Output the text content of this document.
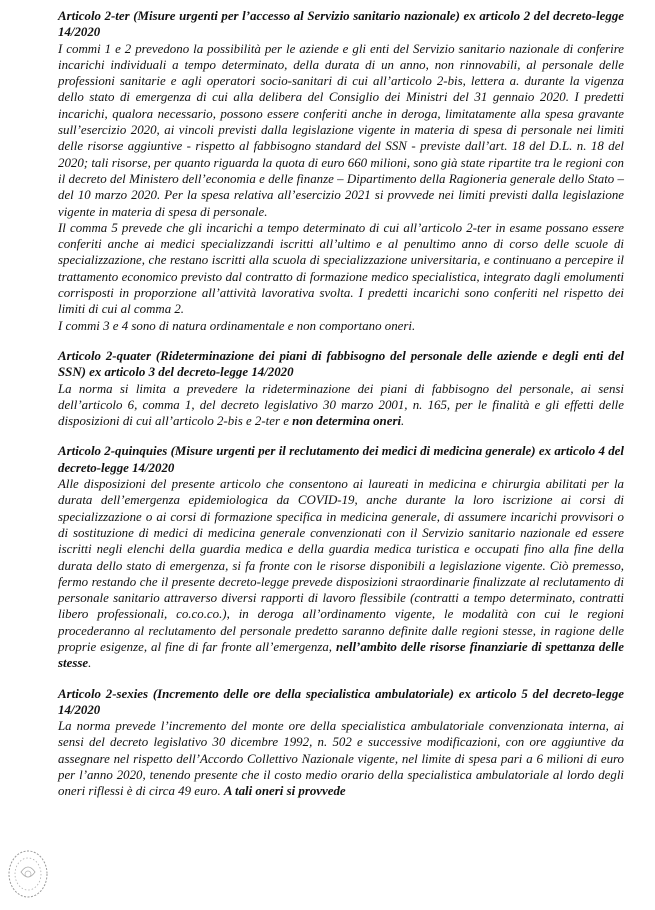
Articolo 2-ter (Misure urgenti per l’accesso al Servizio sanitario nazionale) ex articolo 2 del decreto-legge 14/2020

I commi 1 e 2 prevedono la possibilità per le aziende e gli enti del Servizio sanitario nazionale di conferire incarichi individuali a tempo determinato, della durata di un anno, non rinnovabili, al personale delle professioni sanitarie e agli operatori socio-sanitari di cui all’articolo 2-bis, lettera a. durante la vigenza dello stato di emergenza di cui alla delibera del Consiglio dei Ministri del 31 gennaio 2020. I predetti incarichi, qualora necessario, possono essere conferiti anche in deroga, limitatamente alla spesa gravante sull’esercizio 2020, ai vincoli previsti dalla legislazione vigente in materia di spesa di personale nei limiti delle risorse aggiuntive - rispetto al fabbisogno standard del SSN - previste dall’art. 18 del D.L. n. 18 del 2020; tali risorse, per quanto riguarda la quota di euro 660 milioni, sono già state ripartite tra le regioni con il decreto del Ministero dell’economia e delle finanze – Dipartimento della Ragioneria generale dello Stato – del 10 marzo 2020. Per la spesa relativa all’esercizio 2021 si provvede nei limiti previsti dalla legislazione vigente in materia di spesa di personale.

Il comma 5 prevede che gli incarichi a tempo determinato di cui all’articolo 2-ter in esame possano essere conferiti anche ai medici specializzandi iscritti all’ultimo e al penultimo anno di corso delle scuole di specializzazione, che restano iscritti alla scuola di specializzazione universitaria, e continuano a percepire il trattamento economico previsto dal contratto di formazione medico specialistica, integrato dagli emolumenti corrisposti in proporzione all’attività lavorativa svolta. I predetti incarichi sono conferiti nel rispetto dei limiti di cui al comma 2.

I commi 3 e 4 sono di natura ordinamentale e non comportano oneri.

Articolo 2-quater (Rideterminazione dei piani di fabbisogno del personale delle aziende e degli enti del SSN) ex articolo 3 del decreto-legge 14/2020

La norma si limita a prevedere la rideterminazione dei piani di fabbisogno del personale, ai sensi dell’articolo 6, comma 1, del decreto legislativo 30 marzo 2001, n. 165, per le finalità e gli effetti delle disposizioni di cui all’articolo 2-bis e 2-ter e non determina oneri.

Articolo 2-quinquies (Misure urgenti per il reclutamento dei medici di medicina generale) ex articolo 4 del decreto-legge 14/2020

Alle disposizioni del presente articolo che consentono ai laureati in medicina e chirurgia abilitati per la durata dell’emergenza epidemiologica da COVID-19, anche durante la loro iscrizione ai corsi di specializzazione o ai corsi di formazione specifica in medicina generale, di assumere incarichi provvisori o di sostituzione di medici di medicina generale convenzionati con il Servizio sanitario nazionale ed essere iscritti negli elenchi della guardia medica e della guardia medica turistica e occupati fino alla fine della durata dello stato di emergenza, si fa fronte con le risorse disponibili a legislazione vigente. Ciò premesso, fermo restando che il presente decreto-legge prevede disposizioni straordinarie finalizzate al reclutamento di personale sanitario attraverso diversi rapporti di lavoro flessibile (contratti a tempo determinato, contratti libero professionali, co.co.co.), in deroga all’ordinamento vigente, le modalità con cui le regioni procederanno al reclutamento del personale predetto saranno definite dalle regioni stesse, in ragione delle proprie esigenze, al fine di far fronte all’emergenza, nell’ambito delle risorse finanziarie di spettanza delle stesse.

Articolo 2-sexies (Incremento delle ore della specialistica ambulatoriale) ex articolo 5 del decreto-legge 14/2020

La norma prevede l’incremento del monte ore della specialistica ambulatoriale convenzionata interna, ai sensi del decreto legislativo 30 dicembre 1992, n. 502 e successive modificazioni, con ore aggiuntive da assegnare nel rispetto dell’Accordo Collettivo Nazionale vigente, nel limite di spesa pari a 6 milioni di euro per l’anno 2020, tenendo presente che il costo medio orario della specialistica ambulatoriale al lordo degli oneri riflessi è di circa 49 euro. A tali oneri si provvede
